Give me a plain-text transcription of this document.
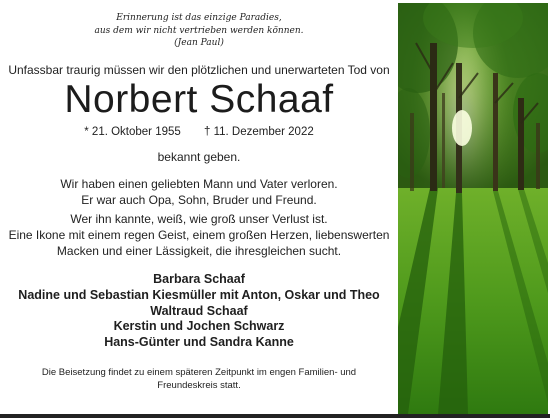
Erinnerung ist das einzige Paradies,
aus dem wir nicht vertrieben werden können.
(Jean Paul)
Unfassbar traurig müssen wir den plötzlichen und unerwarteten Tod von
Norbert Schaaf
* 21. Oktober 1955 † 11. Dezember 2022
bekannt geben.
Wir haben einen geliebten Mann und Vater verloren.
Er war auch Opa, Sohn, Bruder und Freund.
Wer ihn kannte, weiß, wie groß unser Verlust ist.
Eine Ikone mit einem regen Geist, einem großen Herzen, liebenswerten
Macken und einer Lässigkeit, die ihresgleichen sucht.
Barbara Schaaf
Nadine und Sebastian Kiesmüller mit Anton, Oskar und Theo
Waltraud Schaaf
Kerstin und Jochen Schwarz
Hans-Günter und Sandra Kanne
Die Beisetzung findet zu einem späteren Zeitpunkt im engen Familien- und
Freundeskreis statt.
